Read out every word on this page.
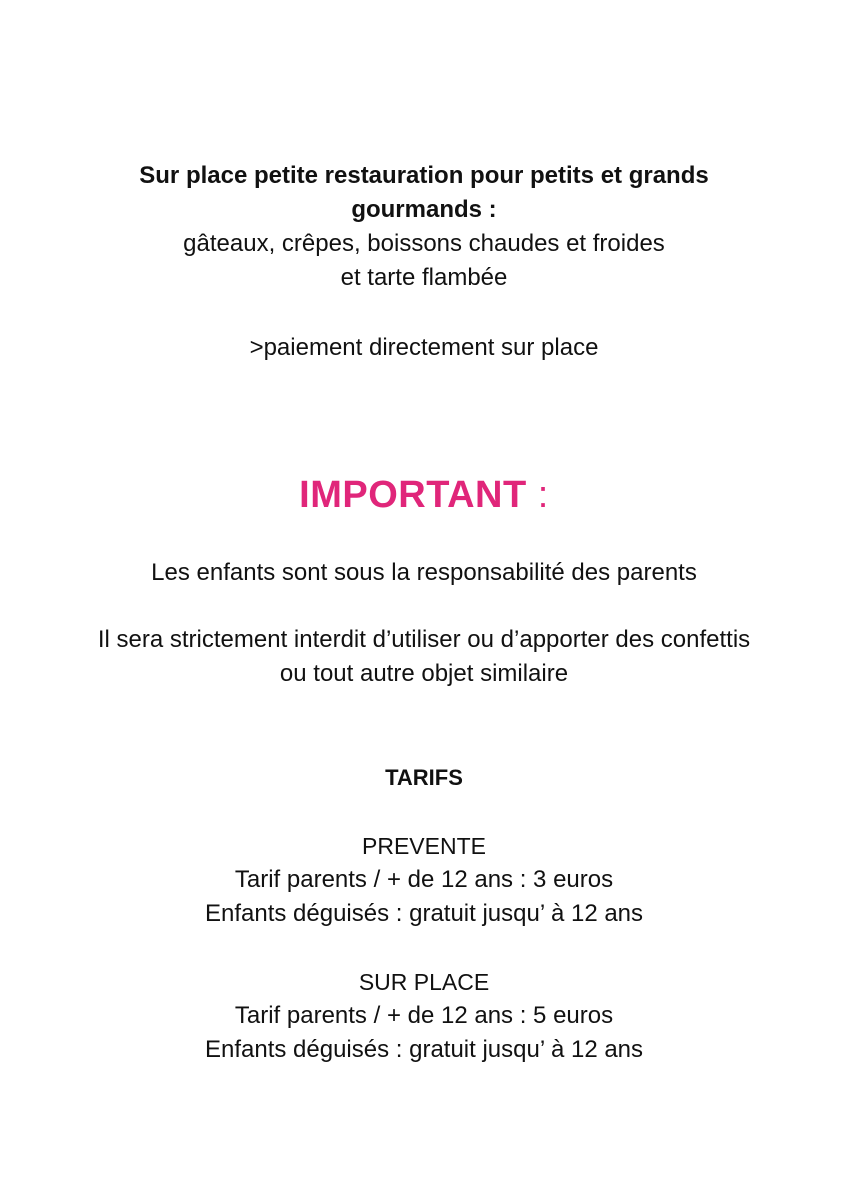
Sur place petite restauration pour petits et grands
gourmands :
gâteaux, crêpes, boissons chaudes et froides
et tarte flambée
>paiement directement sur place
IMPORTANT :
Les enfants sont sous la responsabilité des parents
Il sera strictement interdit d’utiliser ou d’apporter des confettis
ou tout autre objet similaire
TARIFS
PREVENTE
Tarif parents / + de 12 ans : 3 euros
Enfants déguisés : gratuit jusqu’ à 12 ans
SUR PLACE
Tarif parents / + de 12 ans : 5 euros
Enfants déguisés : gratuit jusqu’ à 12 ans
